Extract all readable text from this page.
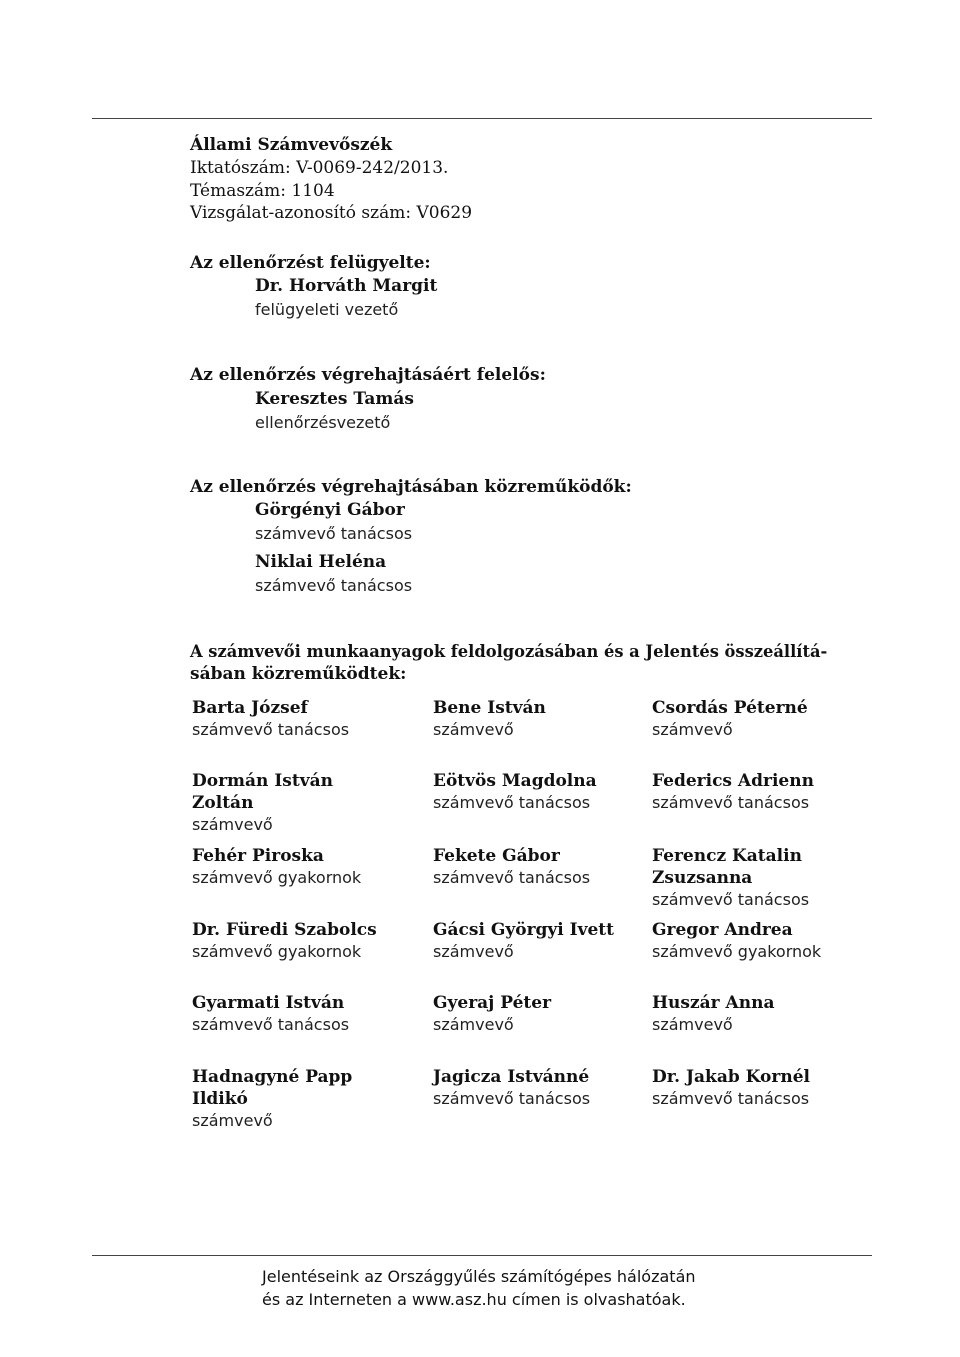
Állami Számvevőszék
Iktatószám: V-0069-242/2013.
Témaszám: 1104
Vizsgálat-azonosító szám: V0629
Az ellenőrzést felügyelte:
Dr. Horváth Margit
felügyeleti vezető
Az ellenőrzés végrehajtásáért felelős:
Keresztes Tamás
ellenőrzésvezető
Az ellenőrzés végrehajtásában közreműködők:
Görgényi Gábor
számvevő tanácsos
Niklai Heléna
számvevő tanácsos
A számvevői munkaanyagok feldolgozásában és a Jelentés összeállítá-
sában közreműködtek:
Barta József
számvevő tanácsos
Bene István
számvevő
Csordás Péterné
számvevő
Dormán István Zoltán
számvevő
Eötvös Magdolna
számvevő tanácsos
Federics Adrienn
számvevő tanácsos
Fehér Piroska
számvevő gyakornok
Fekete Gábor
számvevő tanácsos
Ferencz Katalin Zsuzsanna
számvevő tanácsos
Dr. Füredi Szabolcs
számvevő gyakornok
Gácsi Györgyi Ivett
számvevő
Gregor Andrea
számvevő gyakornok
Gyarmati István
számvevő tanácsos
Gyeraj Péter
számvevő
Huszár Anna
számvevő
Hadnagyné Papp Ildikó
számvevő
Jagicza Istvánné
számvevő tanácsos
Dr. Jakab Kornél
számvevő tanácsos
Jelentéseink az Országgyűlés számítógépes hálózatán
és az Interneten a www.asz.hu címen is olvashatóak.
